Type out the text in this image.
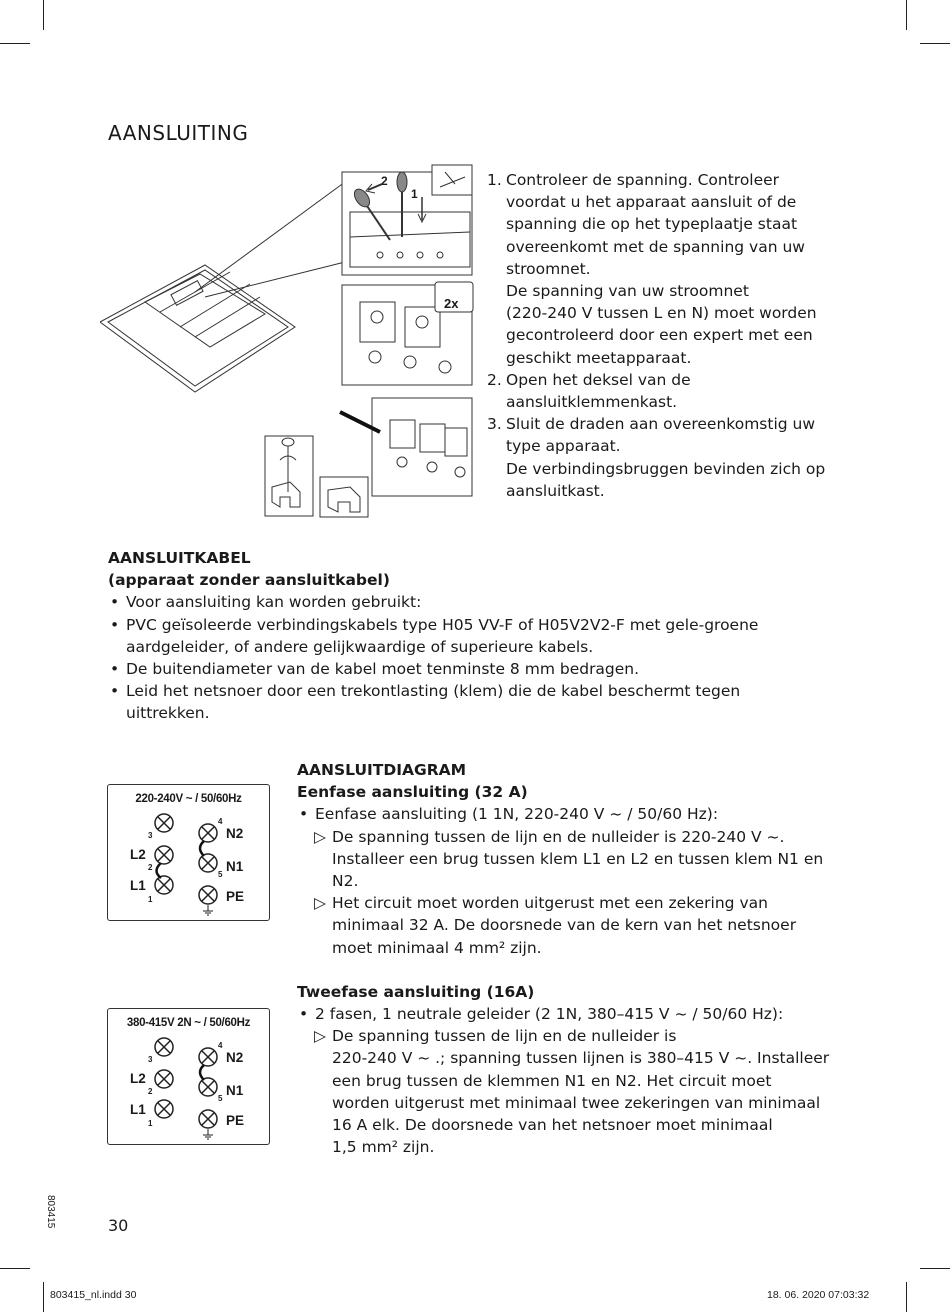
AANSLUITING
2
1
2x
1. Controleer de spanning. Controleer
voordat u het apparaat aansluit of de
spanning die op het typeplaatje staat
overeenkomt met de spanning van uw
stroomnet.
De spanning van uw stroomnet
(220-240 V tussen L en N) moet worden
gecontroleerd door een expert met een
geschikt meetapparaat.
2. Open het deksel van de
aansluitklemmenkast.
3. Sluit de draden aan overeenkomstig uw
type apparaat.
De verbindingsbruggen bevinden zich op
aansluitkast.
AANSLUITKABEL
(apparaat zonder aansluitkabel)
• Voor aansluiting kan worden gebruikt:
• PVC geïsoleerde verbindingskabels type H05 VV-F of H05V2V2-F met gele-groene
aardgeleider, of andere gelijkwaardige of superieure kabels.
• De buitendiameter van de kabel moet tenminste 8 mm bedragen.
• Leid het netsnoer door een trekontlasting (klem) die de kabel beschermt tegen
uittrekken.
AANSLUITDIAGRAM
Eenfase aansluiting (32 A)
• Eenfase aansluiting (1 1N, 220-240 V ~ / 50/60 Hz):
▷ De spanning tussen de lijn en de nulleider is 220-240 V ~.
Installeer een brug tussen klem L1 en L2 en tussen klem N1 en
N2.
▷ Het circuit moet worden uitgerust met een zekering van
minimaal 32 A. De doorsnede van de kern van het netsnoer
moet minimaal 4 mm² zijn.
Tweefase aansluiting (16A)
• 2 fasen, 1 neutrale geleider (2 1N, 380–415 V ~ / 50/60 Hz):
▷ De spanning tussen de lijn en de nulleider is
220-240 V ~ .; spanning tussen lijnen is 380–415 V ~. Installeer
een brug tussen de klemmen N1 en N2. Het circuit moet
worden uitgerust met minimaal twee zekeringen van minimaal
16 A elk. De doorsnede van het netsnoer moet minimaal
1,5 mm² zijn.
220-240V ~ / 50/60Hz
L2
L1
N2
N1
PE
3
2
1
4
5
380-415V 2N ~ / 50/60Hz
L2
L1
N2
N1
PE
3
2
1
4
5
803415	30
803415_nl.indd 30	18. 06. 2020 07:03:32
